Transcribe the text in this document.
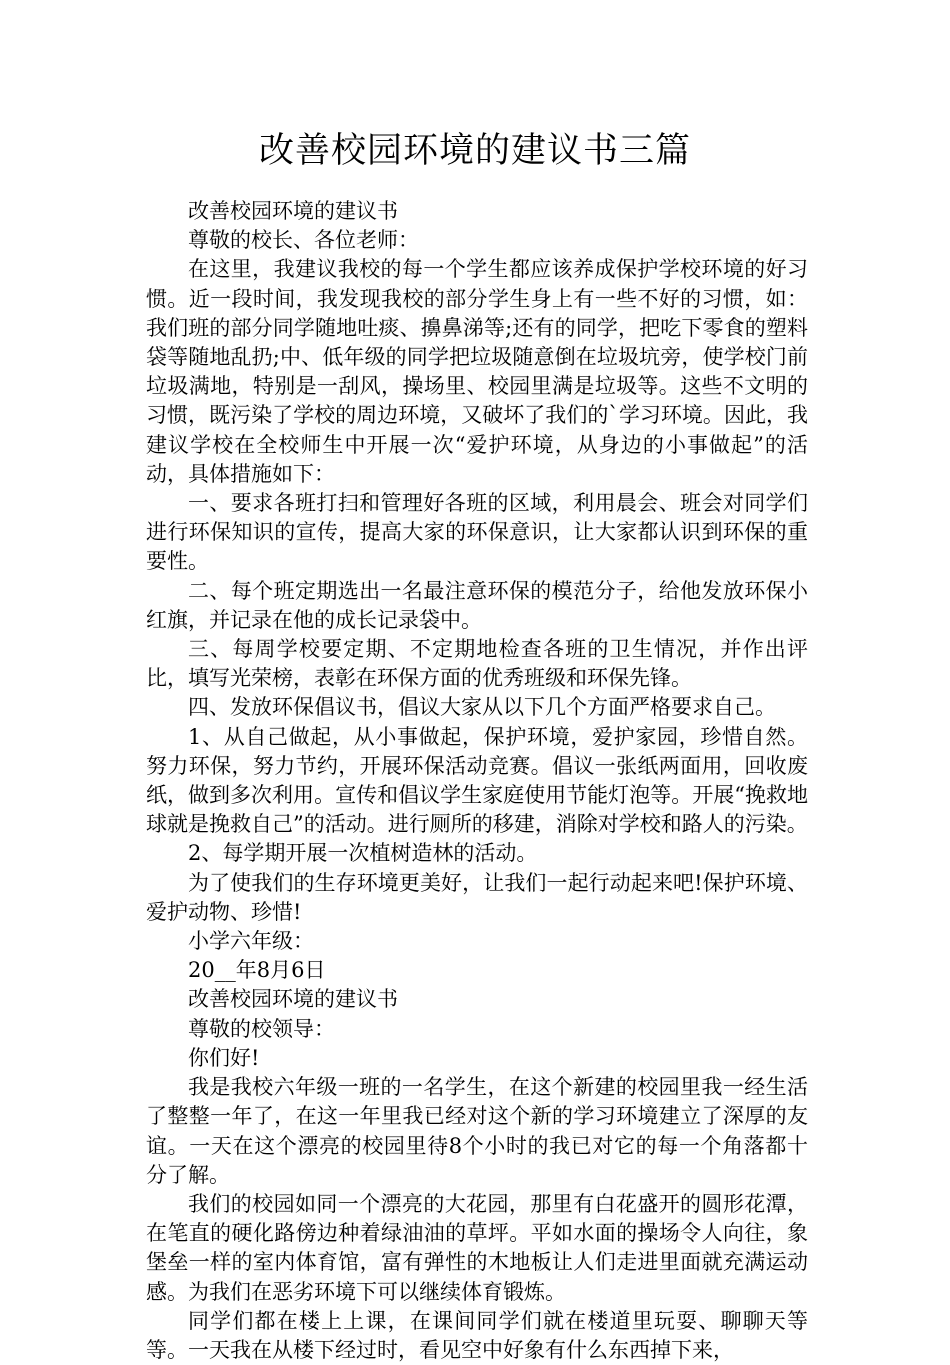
改善校园环境的建议书三篇

改善校园环境的建议书

尊敬的校长、各位老师：

在这里，我建议我校的每一个学生都应该养成保护学校环境的好习惯。近一段时间，我发现我校的部分学生身上有一些不好的习惯，如：我们班的部分同学随地吐痰、擤鼻涕等;还有的同学，把吃下零食的塑料袋等随地乱扔;中、低年级的同学把垃圾随意倒在垃圾坑旁，使学校门前垃圾满地，特别是一刮风，操场里、校园里满是垃圾等。这些不文明的习惯，既污染了学校的周边环境，又破坏了我们的`学习环境。因此，我建议学校在全校师生中开展一次“爱护环境，从身边的小事做起”的活动，具体措施如下：

一、要求各班打扫和管理好各班的区域，利用晨会、班会对同学们进行环保知识的宣传，提高大家的环保意识，让大家都认识到环保的重要性。

二、每个班定期选出一名最注意环保的模范分子，给他发放环保小红旗，并记录在他的成长记录袋中。

三、每周学校要定期、不定期地检查各班的卫生情况，并作出评比，填写光荣榜，表彰在环保方面的优秀班级和环保先锋。

四、发放环保倡议书，倡议大家从以下几个方面严格要求自己。

1、从自己做起，从小事做起，保护环境，爱护家园，珍惜自然。努力环保，努力节约，开展环保活动竞赛。倡议一张纸两面用，回收废纸，做到多次利用。宣传和倡议学生家庭使用节能灯泡等。开展“挽救地球就是挽救自己”的活动。进行厕所的移建，消除对学校和路人的污染。

2、每学期开展一次植树造林的活动。

为了使我们的生存环境更美好，让我们一起行动起来吧!保护环境、爱护动物、珍惜!

小学六年级：

20__年8月6日

改善校园环境的建议书

尊敬的校领导：

你们好!

我是我校六年级一班的一名学生，在这个新建的校园里我一经生活了整整一年了，在这一年里我已经对这个新的学习环境建立了深厚的友谊。一天在这个漂亮的校园里待8个小时的我已对它的每一个角落都十分了解。

我们的校园如同一个漂亮的大花园，那里有白花盛开的圆形花潭，在笔直的硬化路傍边种着绿油油的草坪。平如水面的操场令人向往，象堡垒一样的室内体育馆，富有弹性的木地板让人们走进里面就充满运动感。为我们在恶劣环境下可以继续体育锻炼。

同学们都在楼上上课，在课间同学们就在楼道里玩耍、聊聊天等等。一天我在从楼下经过时，看见空中好象有什么东西掉下来，
